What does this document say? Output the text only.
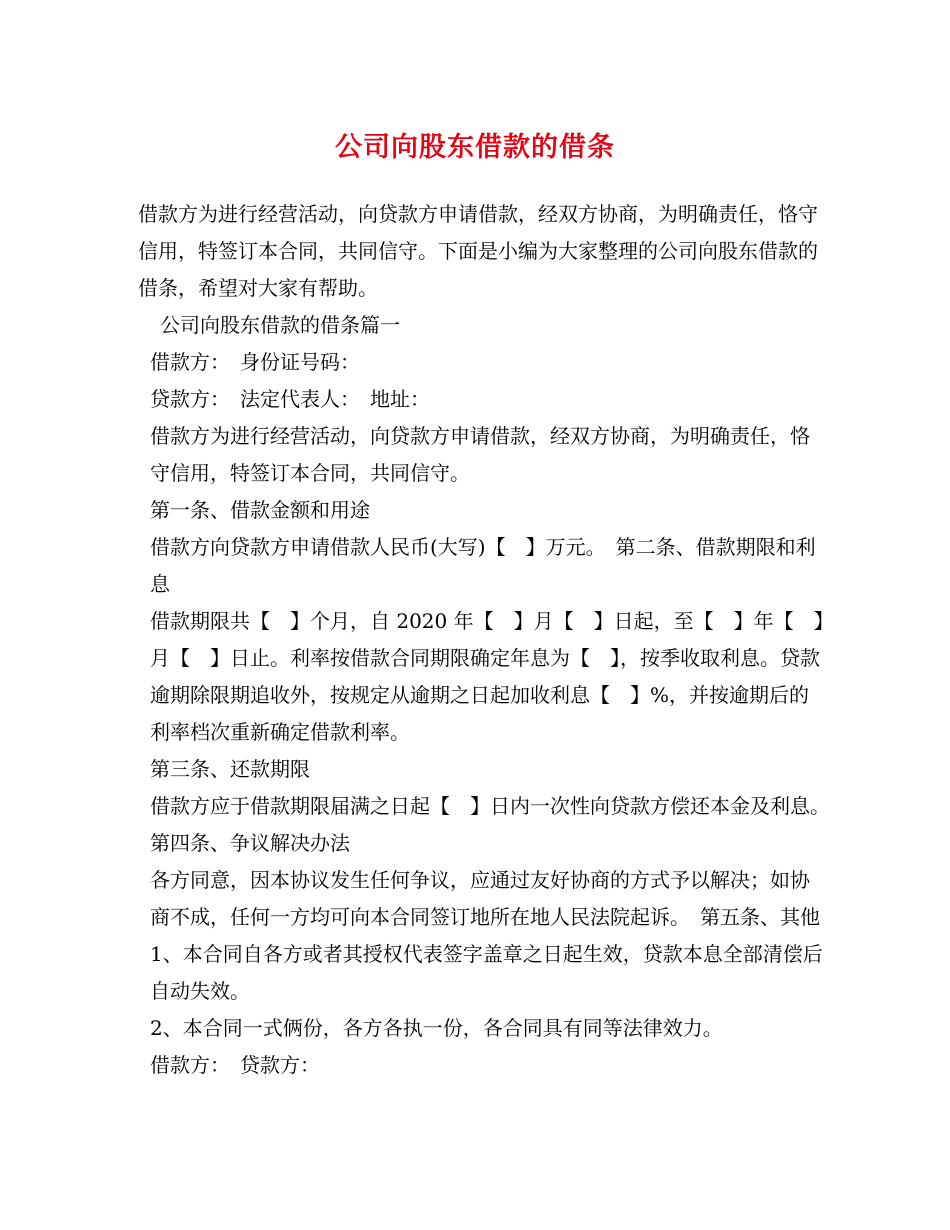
公司向股东借款的借条

借款方为进行经营活动，向贷款方申请借款，经双方协商，为明确责任，恪守信用，特签订本合同，共同信守。下面是小编为大家整理的公司向股东借款的借条，希望对大家有帮助。

公司向股东借款的借条篇一

借款方：　身份证号码：

贷款方：　法定代表人：　地址：

借款方为进行经营活动，向贷款方申请借款，经双方协商，为明确责任，恪守信用，特签订本合同，共同信守。

第一条、借款金额和用途

借款方向贷款方申请借款人民币(大写)【　】万元。　第二条、借款期限和利息

借款期限共【　】个月，自 2020 年【　】月【　】日起，至【　】年【　】月【　】日止。利率按借款合同期限确定年息为【　】，按季收取利息。贷款逾期除限期追收外，按规定从逾期之日起加收利息【　】%，并按逾期后的利率档次重新确定借款利率。

第三条、还款期限

借款方应于借款期限届满之日起【　】日内一次性向贷款方偿还本金及利息。　第四条、争议解决办法

各方同意，因本协议发生任何争议，应通过友好协商的方式予以解决；如协商不成，任何一方均可向本合同签订地所在地人民法院起诉。　第五条、其他

1、本合同自各方或者其授权代表签字盖章之日起生效，贷款本息全部清偿后自动失效。

2、本合同一式俩份，各方各执一份，各合同具有同等法律效力。

借款方：　贷款方：
